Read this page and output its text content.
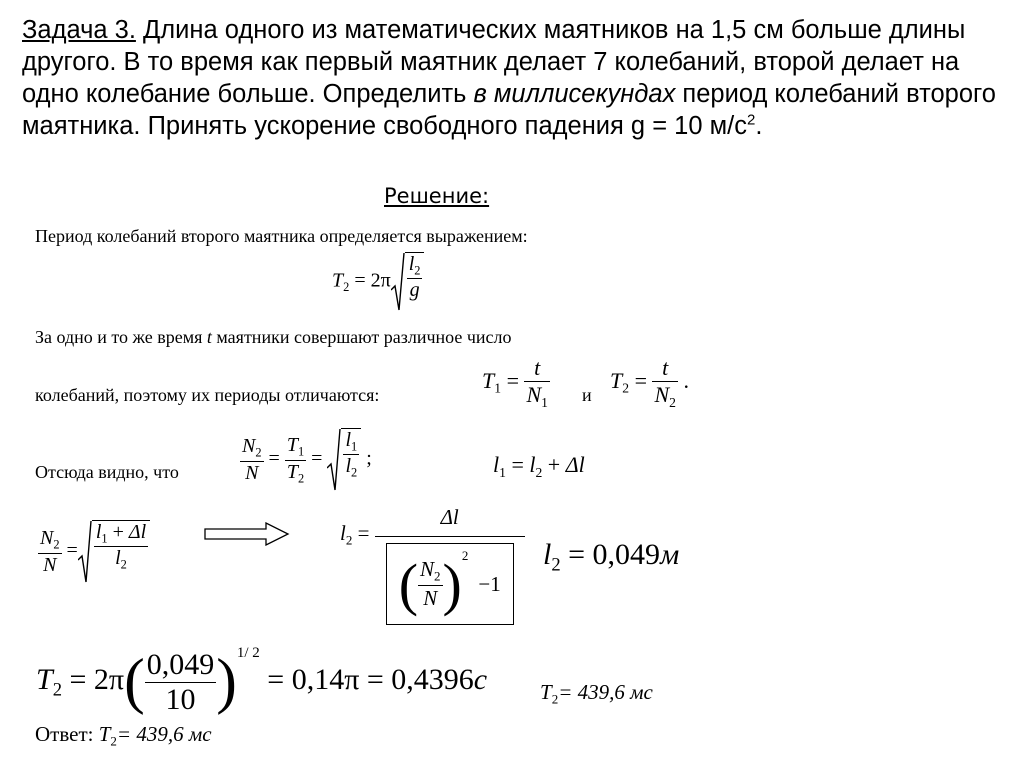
Задача 3. Длина одного из математических маятников на 1,5 см больше длины другого. В то время как первый маятник делает 7 колебаний, второй делает на одно колебание больше. Определить в миллисекундах период колебаний второго маятника. Принять ускорение свободного падения g = 10 $м/с^2$.
Решение:
Период колебаний второго маятника определяется выражением:
$T_2 = 2\pi \frac{l_2}{g}$
За одно и то же время t маятники совершают различное число
колебаний, поэтому их периоды отличаются:
$T_1 = \frac{t}{N_1}$ и
$T_2 = \frac{t}{N_2}$ .
Отсюда видно, что	$\frac{N_2}{N} = \frac{T_1}{T_2} = \frac{l_1}{l_2}$ ;	$l_1 = l_2 + \Delta l$
$\frac{N_2}{N} = \frac{l_1 + \Delta l}{l_2}$	$l_2 = \Delta l$
( $\frac{N_2}{N}$ ) 2
−1 $l_2 = 0,049м$
$T_2 = 2\pi( \frac{0,049}{10} )^{1/ 2} = 0,14\pi = 0,4396с$	$T_2= 439,6$ мс
Ответ: $T_2= 439,6$ мс
